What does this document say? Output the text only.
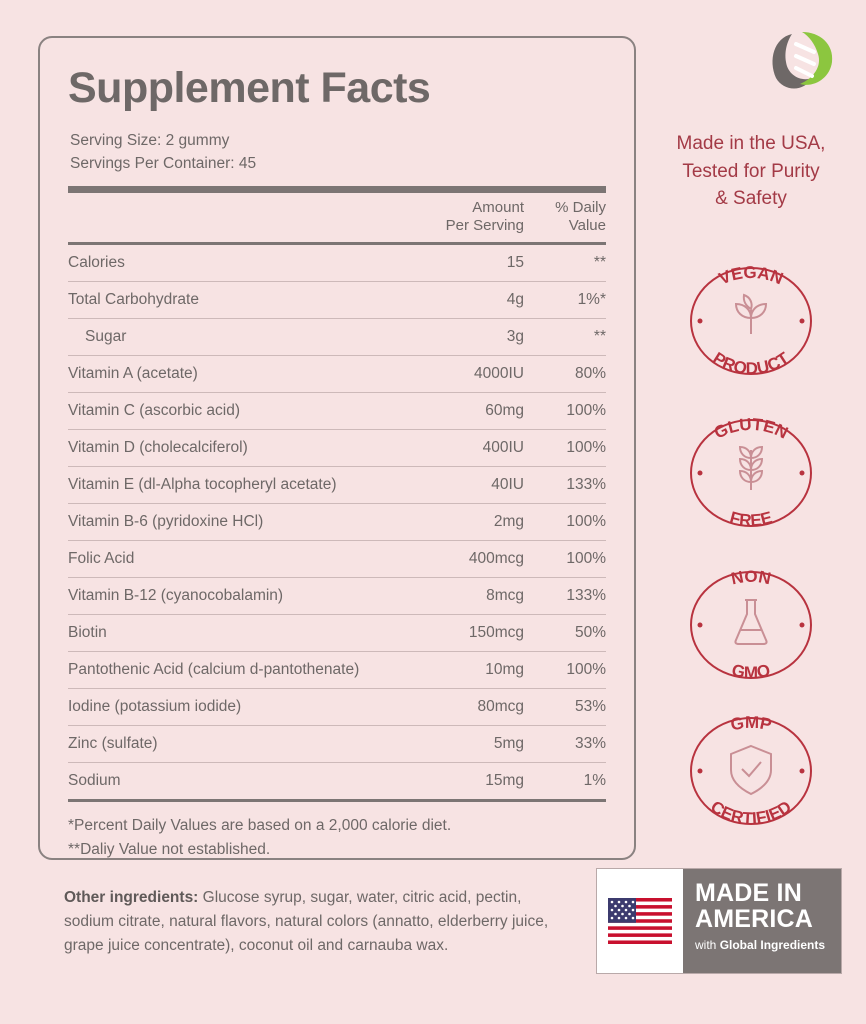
Supplement Facts
Serving Size: 2 gummy
Servings Per Container: 45
Amount
Per Serving
% Daily
Value
Calories	15	**
Total Carbohydrate	4g	1%*
Sugar	3g	**
Vitamin A (acetate)	4000IU	80%
Vitamin C (ascorbic acid)	60mg	100%
Vitamin D (cholecalciferol)	400IU	100%
Vitamin E (dl-Alpha tocopheryl acetate)	40IU	133%
Vitamin B-6 (pyridoxine HCl)	2mg	100%
Folic Acid	400mcg	100%
Vitamin B-12 (cyanocobalamin)	8mcg	133%
Biotin	150mcg	50%
Pantothenic Acid (calcium d-pantothenate)	10mg	100%
Iodine (potassium iodide)	80mcg	53%
Zinc (sulfate)	5mg	33%
Sodium	15mg	1%
*Percent Daily Values are based on a 2,000 calorie diet.
**Daliy Value not established.
Other ingredients: Glucose syrup, sugar, water, citric acid, pectin, sodium citrate, natural flavors, natural colors (annatto, elderberry juice, grape juice concentrate), coconut oil and carnauba wax.
Made in the USA,
Tested for Purity
& Safety
VEGAN
PRODUCT
GLUTEN
FREE
NON
GMO
GMP
CERTIFIED
MADE IN
AMERICA
with Global Ingredients
